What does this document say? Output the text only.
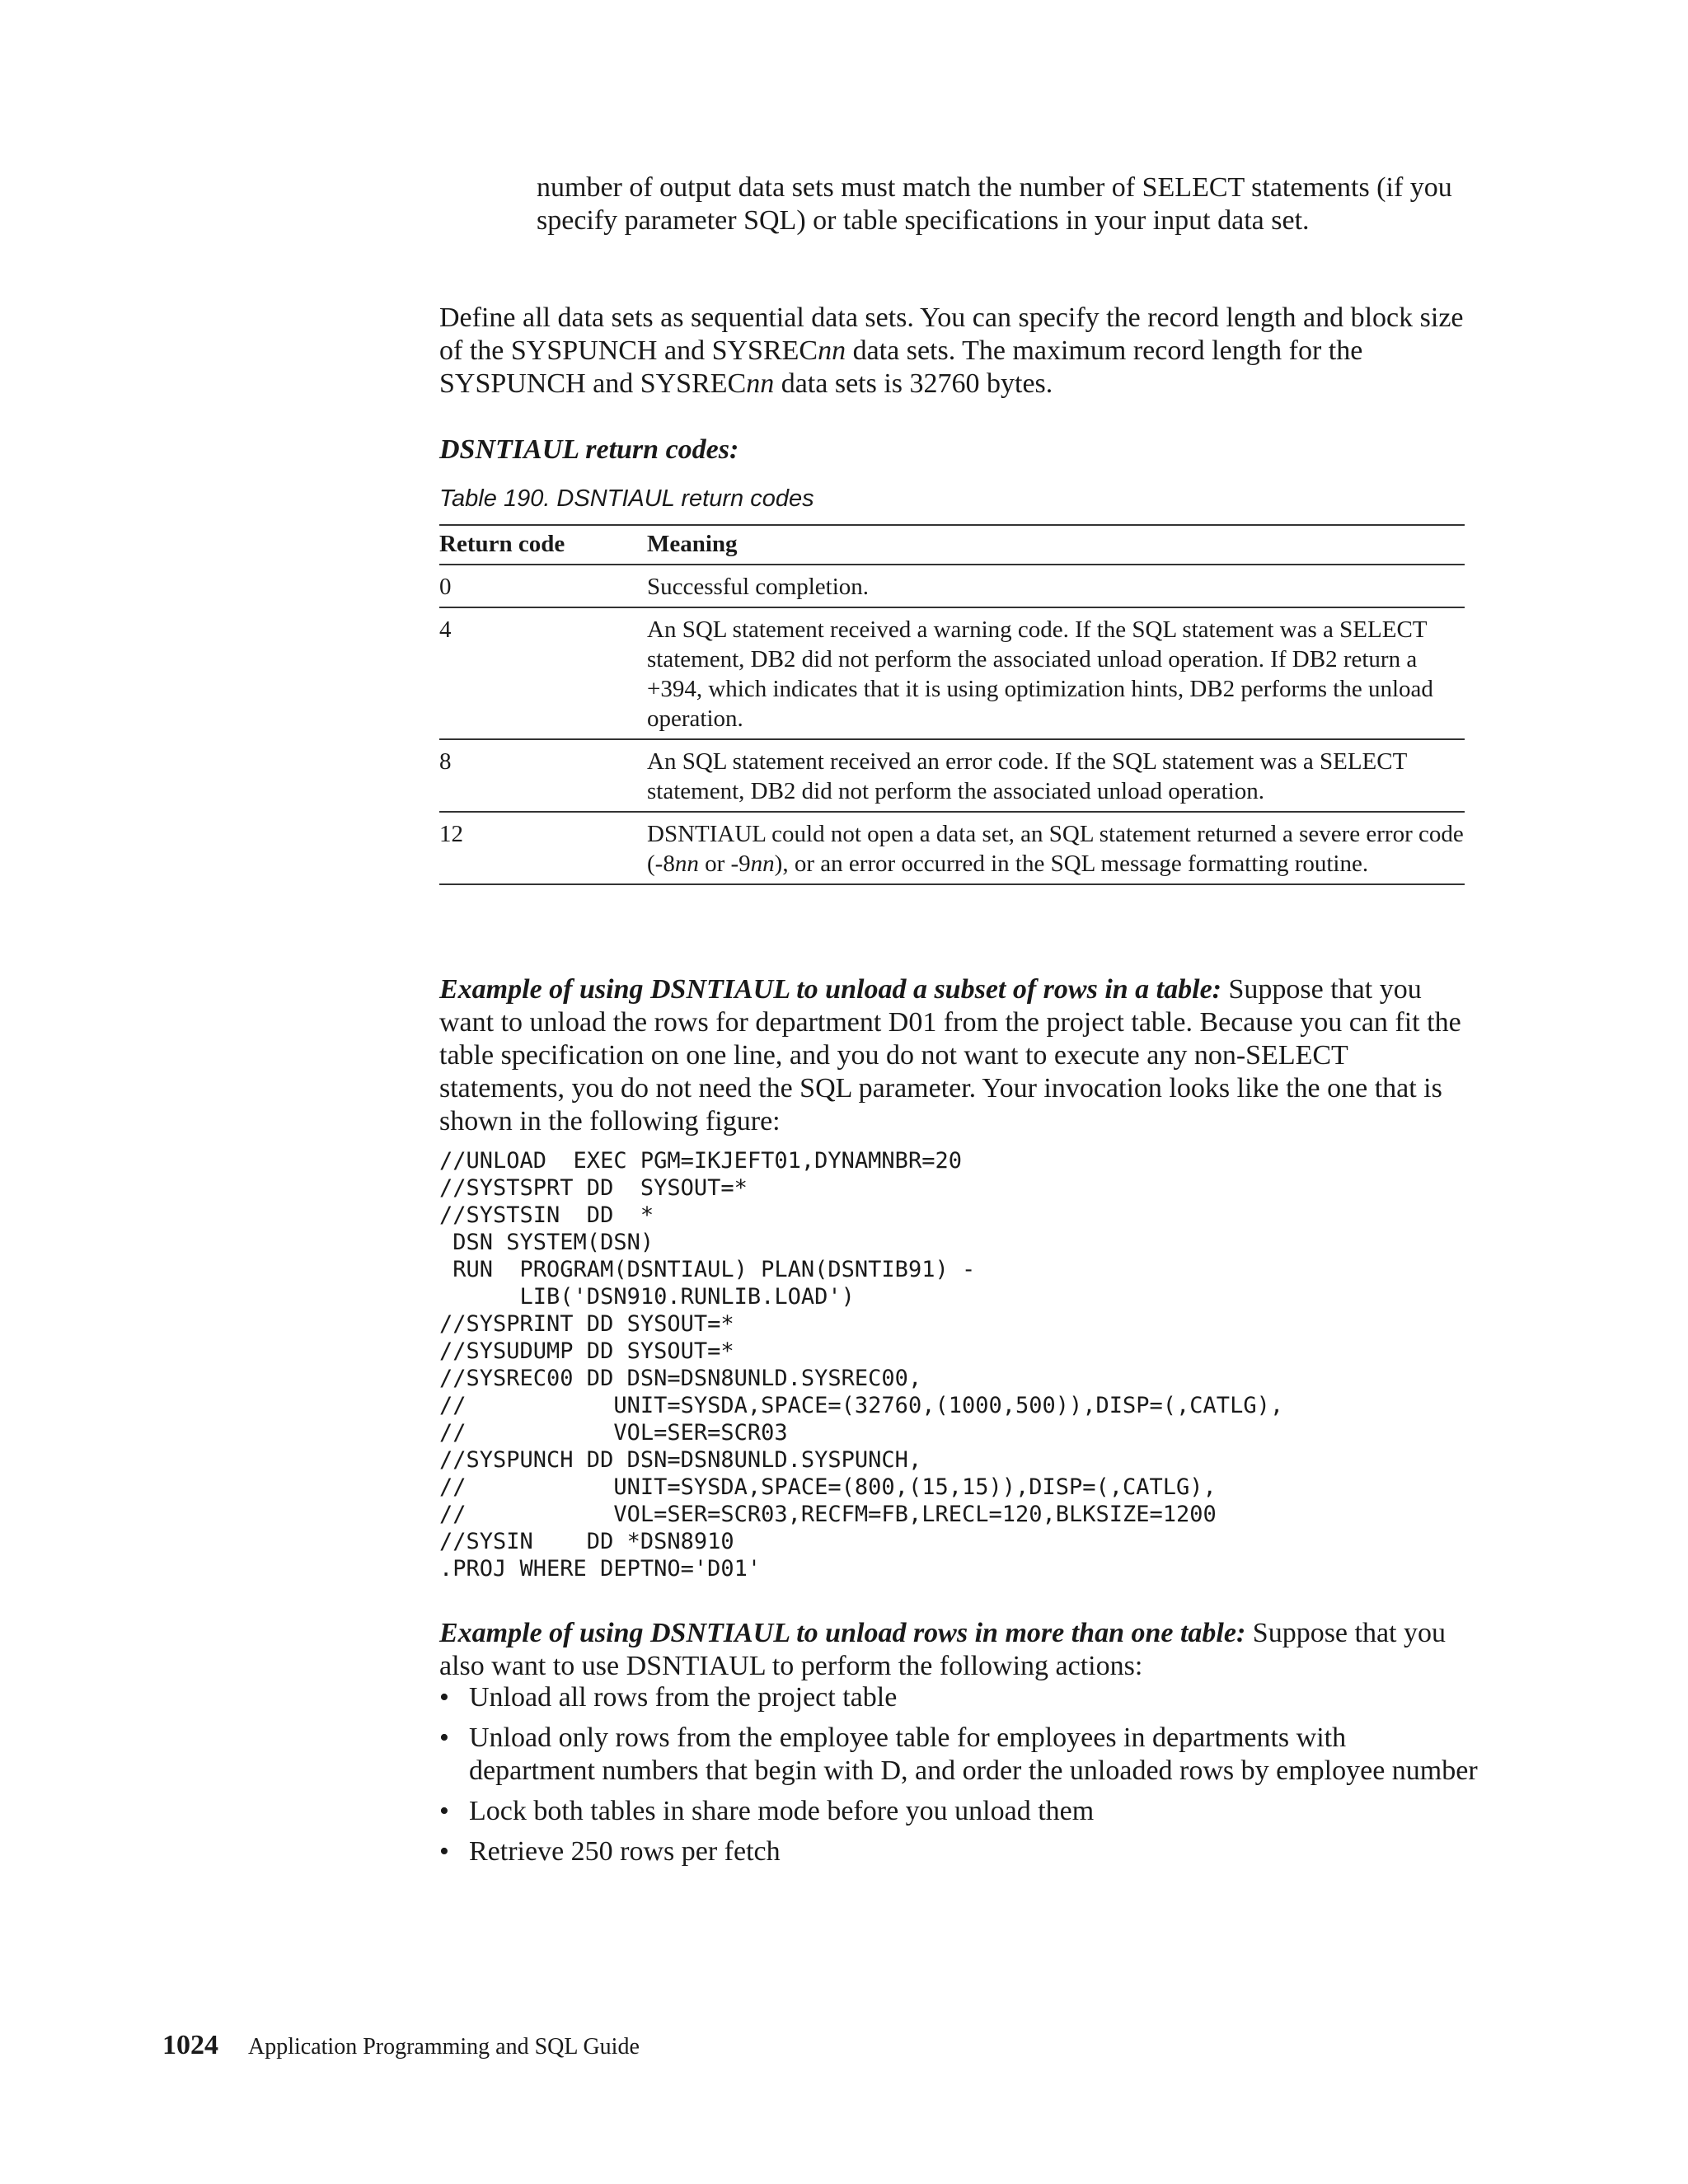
number of output data sets must match the number of SELECT statements (if you specify parameter SQL) or table specifications in your input data set.
Define all data sets as sequential data sets. You can specify the record length and block size of the SYSPUNCH and SYSRECnn data sets. The maximum record length for the SYSPUNCH and SYSRECnn data sets is 32760 bytes.
DSNTIAUL return codes:
Table 190. DSNTIAUL return codes
Return code	Meaning
0	Successful completion.
4	An SQL statement received a warning code. If the SQL statement was a SELECT statement, DB2 did not perform the associated unload operation. If DB2 return a +394, which indicates that it is using optimization hints, DB2 performs the unload operation.
8	An SQL statement received an error code. If the SQL statement was a SELECT statement, DB2 did not perform the associated unload operation.
12	DSNTIAUL could not open a data set, an SQL statement returned a severe error code (-8nn or -9nn), or an error occurred in the SQL message formatting routine.
Example of using DSNTIAUL to unload a subset of rows in a table: Suppose that you want to unload the rows for department D01 from the project table. Because you can fit the table specification on one line, and you do not want to execute any non-SELECT statements, you do not need the SQL parameter. Your invocation looks like the one that is shown in the following figure:
//UNLOAD  EXEC PGM=IKJEFT01,DYNAMNBR=20
//SYSTSPRT DD  SYSOUT=*
//SYSTSIN  DD  *
DSN SYSTEM(DSN)
RUN  PROGRAM(DSNTIAUL) PLAN(DSNTIB91) -
LIB('DSN910.RUNLIB.LOAD')
//SYSPRINT DD SYSOUT=*
//SYSUDUMP DD SYSOUT=*
//SYSREC00 DD DSN=DSN8UNLD.SYSREC00,
//           UNIT=SYSDA,SPACE=(32760,(1000,500)),DISP=(,CATLG),
//           VOL=SER=SCR03
//SYSPUNCH DD DSN=DSN8UNLD.SYSPUNCH,
//           UNIT=SYSDA,SPACE=(800,(15,15)),DISP=(,CATLG),
//           VOL=SER=SCR03,RECFM=FB,LRECL=120,BLKSIZE=1200
//SYSIN    DD *DSN8910
.PROJ WHERE DEPTNO='D01'
Example of using DSNTIAUL to unload rows in more than one table: Suppose that you also want to use DSNTIAUL to perform the following actions:
• Unload all rows from the project table
• Unload only rows from the employee table for employees in departments with department numbers that begin with D, and order the unloaded rows by employee number
• Lock both tables in share mode before you unload them
• Retrieve 250 rows per fetch
1024 Application Programming and SQL Guide
